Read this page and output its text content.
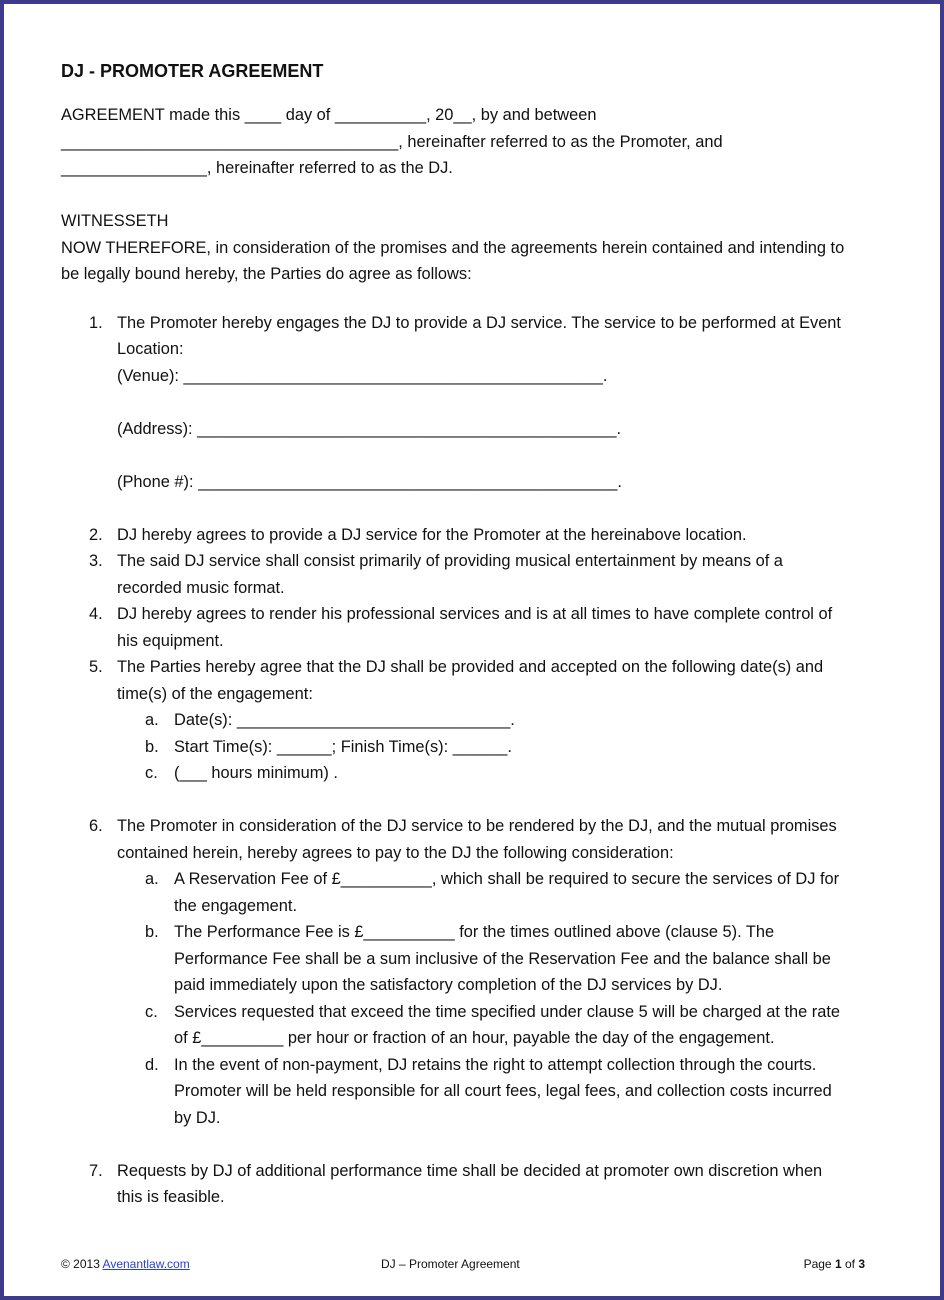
DJ - PROMOTER AGREEMENT

AGREEMENT made this ____ day of __________, 20__, by and between

_____________________________________, hereinafter referred to as the Promoter, and

________________, hereinafter referred to as the DJ.

WITNESSETH

NOW THEREFORE, in consideration of the promises and the agreements herein contained and intending to

be legally bound hereby, the Parties do agree as follows:

1. The Promoter hereby engages the DJ to provide a DJ service. The service to be performed at Event

Location:

(Venue): ______________________________________________.

(Address): ______________________________________________.

(Phone #): ______________________________________________.

2. DJ hereby agrees to provide a DJ service for the Promoter at the hereinabove location.

3. The said DJ service shall consist primarily of providing musical entertainment by means of a

recorded music format.

4. DJ hereby agrees to render his professional services and is at all times to have complete control of

his equipment.

5. The Parties hereby agree that the DJ shall be provided and accepted on the following date(s) and

time(s) of the engagement:

a. Date(s): ______________________________.

b. Start Time(s): ______; Finish Time(s): ______.

c. (___ hours minimum) .

6. The Promoter in consideration of the DJ service to be rendered by the DJ, and the mutual promises

contained herein, hereby agrees to pay to the DJ the following consideration:

a. A Reservation Fee of £__________, which shall be required to secure the services of DJ for

the engagement.

b. The Performance Fee is £__________ for the times outlined above (clause 5). The

Performance Fee shall be a sum inclusive of the Reservation Fee and the balance shall be

paid immediately upon the satisfactory completion of the DJ services by DJ.

c. Services requested that exceed the time specified under clause 5 will be charged at the rate

of £_________ per hour or fraction of an hour, payable the day of the engagement.

d. In the event of non-payment, DJ retains the right to attempt collection through the courts.

Promoter will be held responsible for all court fees, legal fees, and collection costs incurred

by DJ.

7. Requests by DJ of additional performance time shall be decided at promoter own discretion when

this is feasible.

© 2013 Avenantlaw.com	DJ – Promoter Agreement	Page 1 of 3
